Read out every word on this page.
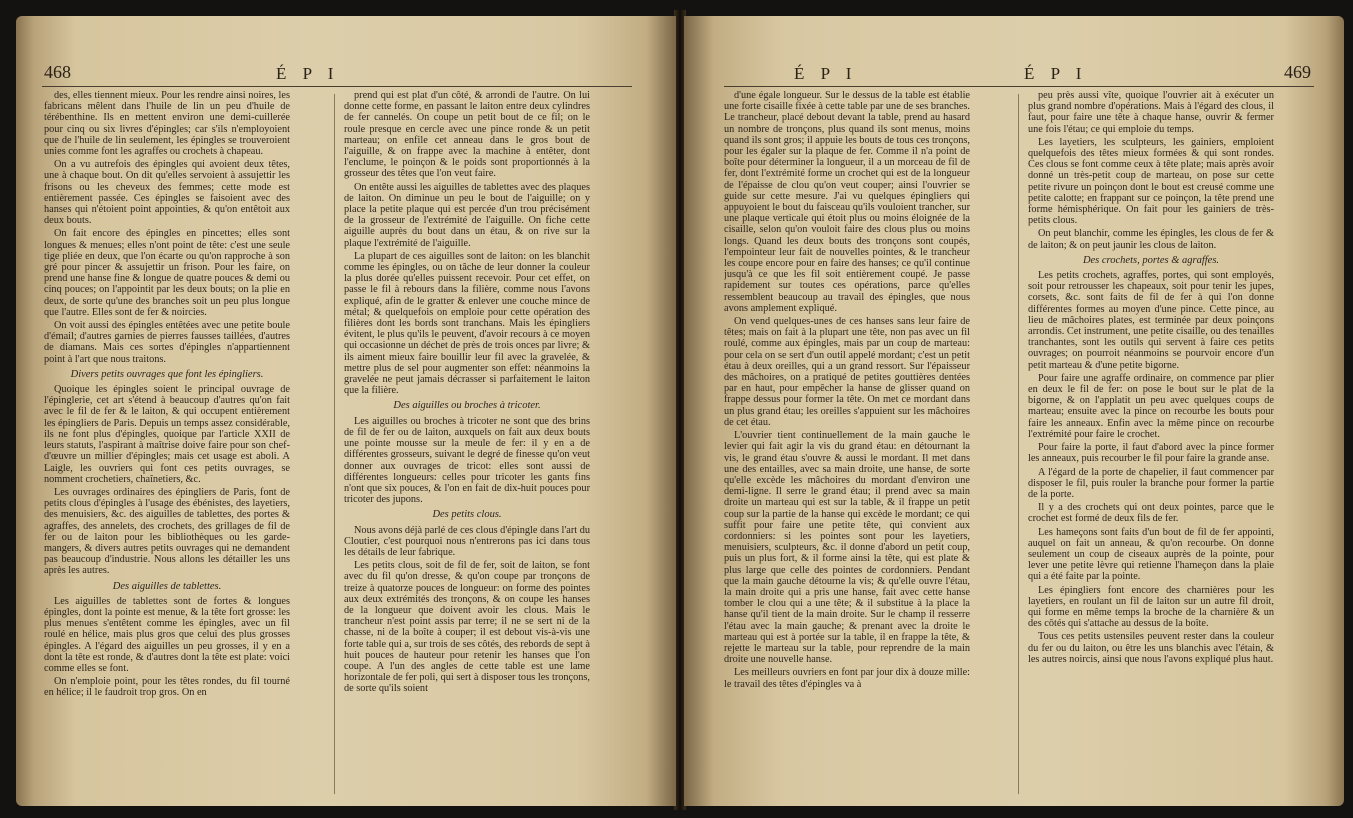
468	É P I

des, elles tiennent mieux. Pour les rendre ainsi noires, les fabricans mêlent dans l'huile de lin un peu d'huile de térébenthine. Ils en mettent environ une demi-cuillerée pour cinq ou six livres d'épingles; car s'ils n'employoient que de l'huile de lin seulement, les épingles se trouveroient unies comme font les agraffes ou crochets à chapeau.

On a vu autrefois des épingles qui avoient deux têtes, une à chaque bout. On dit qu'elles servoient à assujettir les frisons ou les cheveux des femmes; cette mode est entièrement passée. Ces épingles se faisoient avec des hanses qui n'étoient point appointies, & qu'on entêtoit aux deux bouts.

On fait encore des épingles en pincettes; elles sont longues & menues; elles n'ont point de tête: c'est une seule tige pliée en deux, que l'on écarte ou qu'on rapproche à son gré pour pincer & assujettir un frison. Pour les faire, on prend une hanse fine & longue de quatre pouces & demi ou cinq pouces; on l'appointit par les deux bouts; on la plie en deux, de sorte qu'une des branches soit un peu plus longue que l'autre. Elles sont de fer & noircies.

On voit aussi des épingles entêtées avec une petite boule d'émail; d'autres garnies de pierres fausses taillées, d'autres de diamans. Mais ces sortes d'épingles n'appartiennent point à l'art que nous traitons.

Divers petits ouvrages que font les épingliers.

Quoique les épingles soient le principal ouvrage de l'épinglerie, cet art s'étend à beaucoup d'autres qu'on fait avec le fil de fer & le laiton, & qui occupent entièrement les épingliers de Paris. Depuis un temps assez considérable, ils ne font plus d'épingles, quoique par l'article XXII de leurs statuts, l'aspirant à maîtrise doive faire pour son chef-d'œuvre un millier d'épingles; mais cet usage est aboli. A Laigle, les ouvriers qui font ces petits ouvrages, se nomment crochetiers, chaînetiers, &c.

Les ouvrages ordinaires des épingliers de Paris, font de petits clous d'épingles à l'usage des ébénistes, des layetiers, des menuisiers, &c. des aiguilles de tablettes, des portes & agraffes, des annelets, des crochets, des grillages de fil de fer ou de laiton pour les bibliothèques ou les garde-mangers, & divers autres petits ouvrages qui ne demandent pas beaucoup d'industrie. Nous allons les détailler les uns après les autres.

Des aiguilles de tablettes.

Les aiguilles de tablettes sont de fortes & longues épingles, dont la pointe est menue, & la tête fort grosse: les plus menues s'entêtent comme les épingles, avec un fil roulé en hélice, mais plus gros que celui des plus grosses épingles. A l'égard des aiguilles un peu grosses, il y en a dont la tête est ronde, & d'autres dont la tête est plate: voici comme elles se font.

On n'emploie point, pour les têtes rondes, du fil tourné en hélice; il le faudroit trop gros. On en

prend qui est plat d'un côté, & arrondi de l'autre. On lui donne cette forme, en passant le laiton entre deux cylindres de fer cannelés. On coupe un petit bout de ce fil; on le roule presque en cercle avec une pince ronde & un petit marteau; on enfile cet anneau dans le gros bout de l'aiguille, & on frappe avec la machine à entêter, dont l'enclume, le poinçon & le poids sont proportionnés à la grosseur des têtes que l'on veut faire.

On entête aussi les aiguilles de tablettes avec des plaques de laiton. On diminue un peu le bout de l'aiguille; on y place la petite plaque qui est percée d'un trou précisément de la grosseur de l'extrémité de l'aiguille. On fiche cette aiguille auprès du bout dans un étau, & on rive sur la plaque l'extrémité de l'aiguille.

La plupart de ces aiguilles sont de laiton: on les blanchit comme les épingles, ou on tâche de leur donner la couleur la plus dorée qu'elles puissent recevoir. Pour cet effet, on passe le fil à rebours dans la filière, comme nous l'avons expliqué, afin de le gratter & enlever une couche mince de métal; & quelquefois on emploie pour cette opération des filières dont les bords sont tranchans. Mais les épingliers évitent, le plus qu'ils le peuvent, d'avoir recours à ce moyen qui occasionne un déchet de près de trois onces par livre; & ils aiment mieux faire bouillir leur fil avec la gravelée, & mettre plus de sel pour augmenter son effet: néanmoins la gravelée ne peut jamais décrasser si parfaitement le laiton que la filière.

Des aiguilles ou broches à tricoter.

Les aiguilles ou broches à tricoter ne sont que des brins de fil de fer ou de laiton, auxquels on fait aux deux bouts une pointe mousse sur la meule de fer: il y en a de différentes grosseurs, suivant le degré de finesse qu'on veut donner aux ouvrages de tricot: elles sont aussi de différentes longueurs: celles pour tricoter les gants fins n'ont que six pouces, & l'on en fait de dix-huit pouces pour tricoter des jupons.

Des petits clous.

Nous avons déjà parlé de ces clous d'épingle dans l'art du Cloutier, c'est pourquoi nous n'entrerons pas ici dans tous les détails de leur fabrique.

Les petits clous, soit de fil de fer, soit de laiton, se font avec du fil qu'on dresse, & qu'on coupe par tronçons de treize à quatorze pouces de longueur: on forme des pointes aux deux extrémités des tronçons, & on coupe les hanses de la longueur que doivent avoir les clous. Mais le trancheur n'est point assis par terre; il ne se sert ni de la chasse, ni de la boîte à couper; il est debout vis-à-vis une forte table qui a, sur trois de ses côtés, des rebords de sept à huit pouces de hauteur pour retenir les hanses que l'on coupe. A l'un des angles de cette table est une lame horizontale de fer poli, qui sert à disposer tous les tronçons, de sorte qu'ils soient

É P I	É P I	469

d'une égale longueur. Sur le dessus de la table est établie une forte cisaille fixée à cette table par une de ses branches. Le trancheur, placé debout devant la table, prend au hasard un nombre de tronçons, plus quand ils sont menus, moins quand ils sont gros; il appuie les bouts de tous ces tronçons, pour les égaler sur la plaque de fer. Comme il n'a point de boîte pour déterminer la longueur, il a un morceau de fil de fer, dont l'extrémité forme un crochet qui est de la longueur de l'épaisse de clou qu'on veut couper; ainsi l'ouvrier se guide sur cette mesure. J'ai vu quelques épingliers qui appuyoient le bout du faisceau qu'ils vouloient trancher, sur une plaque verticale qui étoit plus ou moins éloignée de la cisaille, selon qu'on vouloit faire des clous plus ou moins longs. Quand les deux bouts des tronçons sont coupés, l'empointeur leur fait de nouvelles pointes, & le trancheur les coupe encore pour en faire des hanses; ce qu'il continue jusqu'à ce que les fil soit entièrement coupé. Je passe rapidement sur toutes ces opérations, parce qu'elles ressemblent beaucoup au travail des épingles, que nous avons amplement expliqué.

On vend quelques-unes de ces hanses sans leur faire de têtes; mais on fait à la plupart une tête, non pas avec un fil roulé, comme aux épingles, mais par un coup de marteau: pour cela on se sert d'un outil appelé mordant; c'est un petit étau à deux oreilles, qui a un grand ressort. Sur l'épaisseur des mâchoires, on a pratiqué de petites gouttières dentées par en haut, pour empêcher la hanse de glisser quand on frappe dessus pour former la tête. On met ce mordant dans un plus grand étau; les oreilles s'appuient sur les mâchoires de cet étau.

L'ouvrier tient continuellement de la main gauche le levier qui fait agir la vis du grand étau: en détournant la vis, le grand étau s'ouvre & aussi le mordant. Il met dans une des entailles, avec sa main droite, une hanse, de sorte qu'elle excède les mâchoires du mordant d'environ une demi-ligne. Il serre le grand étau; il prend avec sa main droite un marteau qui est sur la table, & il frappe un petit coup sur la partie de la hanse qui excède le mordant; ce qui suffit pour faire une petite tête, qui convient aux cordonniers: si les pointes sont pour les layetiers, menuisiers, sculpteurs, &c. il donne d'abord un petit coup, puis un plus fort, & il forme ainsi la tête, qui est plate & plus large que celle des pointes de cordonniers. Pendant que la main gauche détourne la vis; & qu'elle ouvre l'étau, la main droite qui a pris une hanse, fait avec cette hanse tomber le clou qui a une tête; & il substitue à la place la hanse qu'il tient de la main droite. Sur le champ il resserre l'étau avec la main gauche; & prenant avec la droite le marteau qui est à portée sur la table, il en frappe la tête, & rejette le marteau sur la table, pour reprendre de la main droite une nouvelle hanse.

Les meilleurs ouvriers en font par jour dix à douze mille: le travail des têtes d'épingles va à

peu près aussi vîte, quoique l'ouvrier ait à exécuter un plus grand nombre d'opérations. Mais à l'égard des clous, il faut, pour faire une tête à chaque hanse, ouvrir & fermer une fois l'étau; ce qui emploie du temps.

Les layetiers, les sculpteurs, les gainiers, emploient quelquefois des têtes mieux formées & qui sont rondes. Ces clous se font comme ceux à tête plate; mais après avoir donné un très-petit coup de marteau, on pose sur cette petite rivure un poinçon dont le bout est creusé comme une petite calotte; en frappant sur ce poinçon, la tête prend une forme hémisphérique. On fait pour les gainiers de très-petits clous.

On peut blanchir, comme les épingles, les clous de fer & de laiton; & on peut jaunir les clous de laiton.

Des crochets, portes & agraffes.

Les petits crochets, agraffes, portes, qui sont employés, soit pour retrousser les chapeaux, soit pour tenir les jupes, corsets, &c. sont faits de fil de fer à qui l'on donne différentes formes au moyen d'une pince. Cette pince, au lieu de mâchoires plates, est terminée par deux poinçons arrondis. Cet instrument, une petite cisaille, ou des tenailles tranchantes, sont les outils qui servent à faire ces petits ouvrages; on pourroit néanmoins se pourvoir encore d'un petit marteau & d'une petite bigorne.

Pour faire une agraffe ordinaire, on commence par plier en deux le fil de fer: on pose le bout sur le plat de la bigorne, & on l'applatit un peu avec quelques coups de marteau; ensuite avec la pince on recourbe les bouts pour faire les anneaux. Enfin avec la même pince on recourbe l'extrémité pour faire le crochet.

Pour faire la porte, il faut d'abord avec la pince former les anneaux, puis recourber le fil pour faire la grande anse.

A l'égard de la porte de chapelier, il faut commencer par disposer le fil, puis rouler la branche pour former la partie de la porte.

Il y a des crochets qui ont deux pointes, parce que le crochet est formé de deux fils de fer.

Les hameçons sont faits d'un bout de fil de fer appointi, auquel on fait un anneau, & qu'on recourbe. On donne seulement un coup de ciseaux auprès de la pointe, pour lever une petite lèvre qui retienne l'hameçon dans la plaie qui a été faite par la pointe.

Les épingliers font encore des charnières pour les layetiers, en roulant un fil de laiton sur un autre fil droit, qui forme en même temps la broche de la charnière & un des côtés qui s'attache au dessus de la boîte.

Tous ces petits ustensiles peuvent rester dans la couleur du fer ou du laiton, ou être les uns blanchis avec l'étain, & les autres noircis, ainsi que nous l'avons expliqué plus haut.
